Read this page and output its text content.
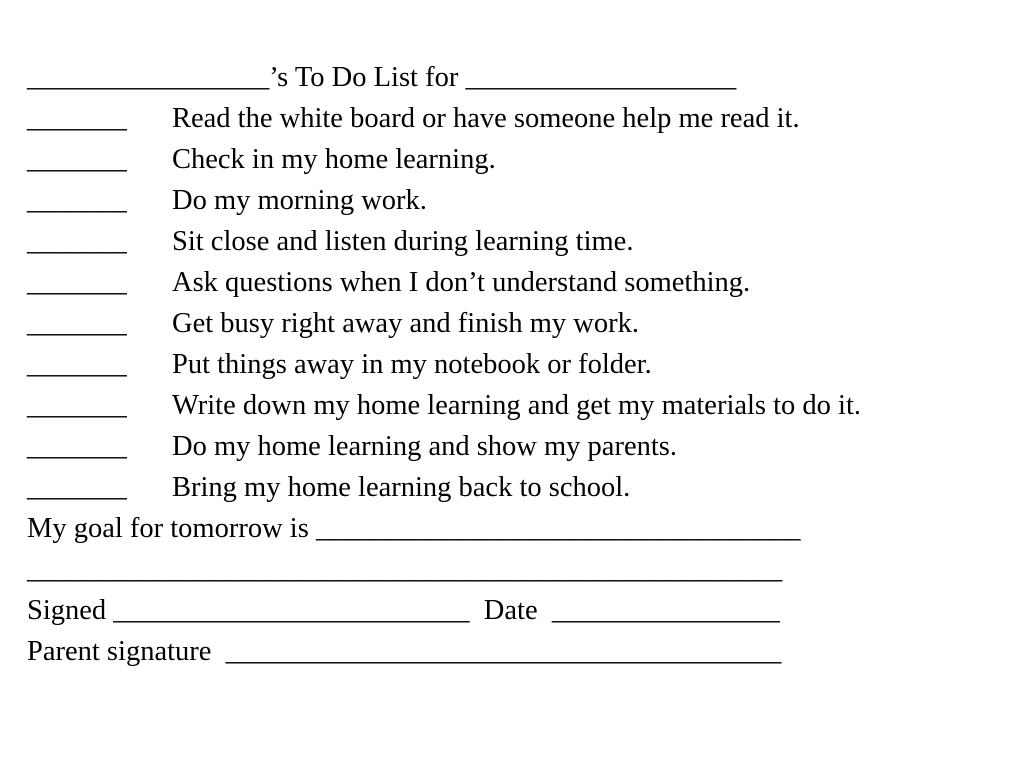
_________________’s To Do List for ___________________
_______	Read the white board or have someone help me read it.
_______	Check in my home learning.
_______	Do my morning work.
_______	Sit close and listen during learning time.
_______	Ask questions when I don’t understand something.
_______	Get busy right away and finish my work.
_______	Put things away in my notebook or folder.
_______	Write down my home learning and get my materials to do it.
_______	Do my home learning and show my parents.
_______	Bring my home learning back to school.
My goal for tomorrow is __________________________________
_____________________________________________________
Signed _________________________ Date ________________
Parent signature _______________________________________
